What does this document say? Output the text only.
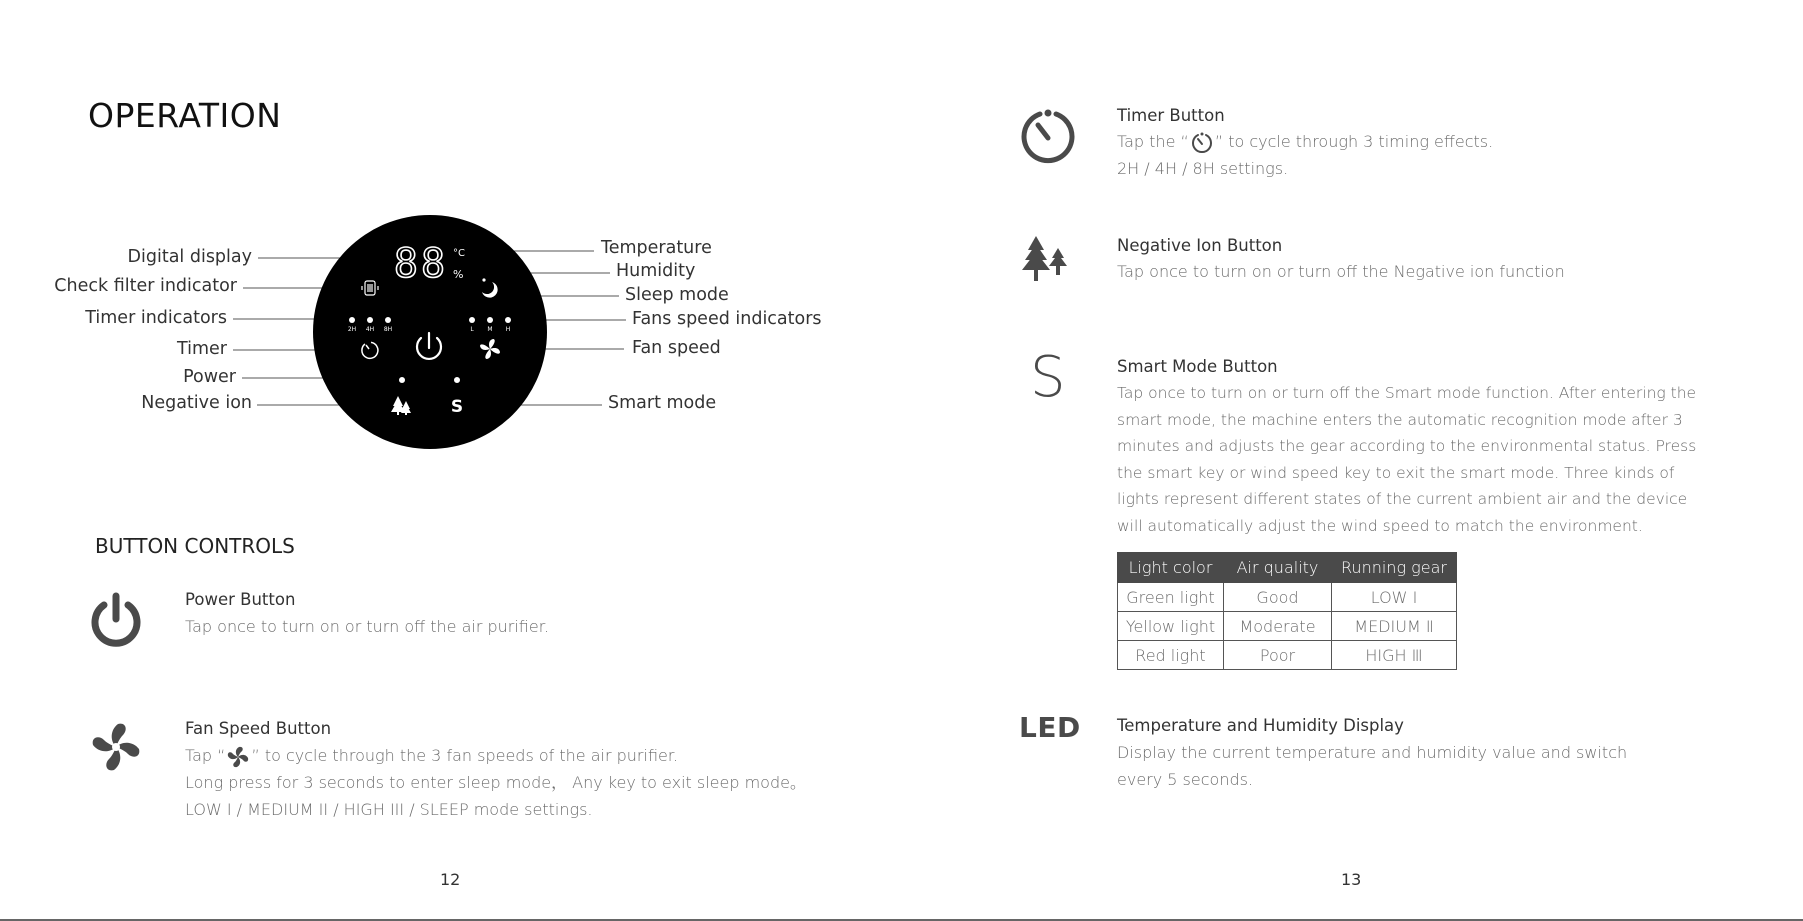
OPERATION
88 °C
%
2H 4H 8H	L M H
S
Digital display
Check filter indicator
Timer indicators
Timer
Power
Negative ion
Temperature
Humidity
Sleep mode
Fans speed indicators
Fan speed
Smart mode
BUTTON CONTROLS
Power Button
Tap once to turn on or turn off the air purifier.
Fan Speed Button
Tap “ ” to cycle through the 3 fan speeds of the air purifier.
Long press for 3 seconds to enter sleep mode， Any key to exit sleep mode。
LOW I / MEDIUM II / HIGH III / SLEEP mode settings.
12
Timer Button
Tap the “ ” to cycle through 3 timing effects.
2H / 4H / 8H settings.
Negative Ion Button
Tap once to turn on or turn off the Negative ion function
S	Smart Mode Button
Tap once to turn on or turn off the Smart mode function. After entering the
smart mode, the machine enters the automatic recognition mode after 3
minutes and adjusts the gear according to the environmental status. Press
the smart key or wind speed key to exit the smart mode. Three kinds of
lights represent different states of the current ambient air and the device
will automatically adjust the wind speed to match the environment.
Light color	Air quality	Running gear
Green light	Good	LOW Ⅰ
Yellow light	Moderate	MEDIUM Ⅱ
Red light	Poor	HIGH Ⅲ
LED Temperature and Humidity Display
Display the current temperature and humidity value and switch
every 5 seconds.
13
